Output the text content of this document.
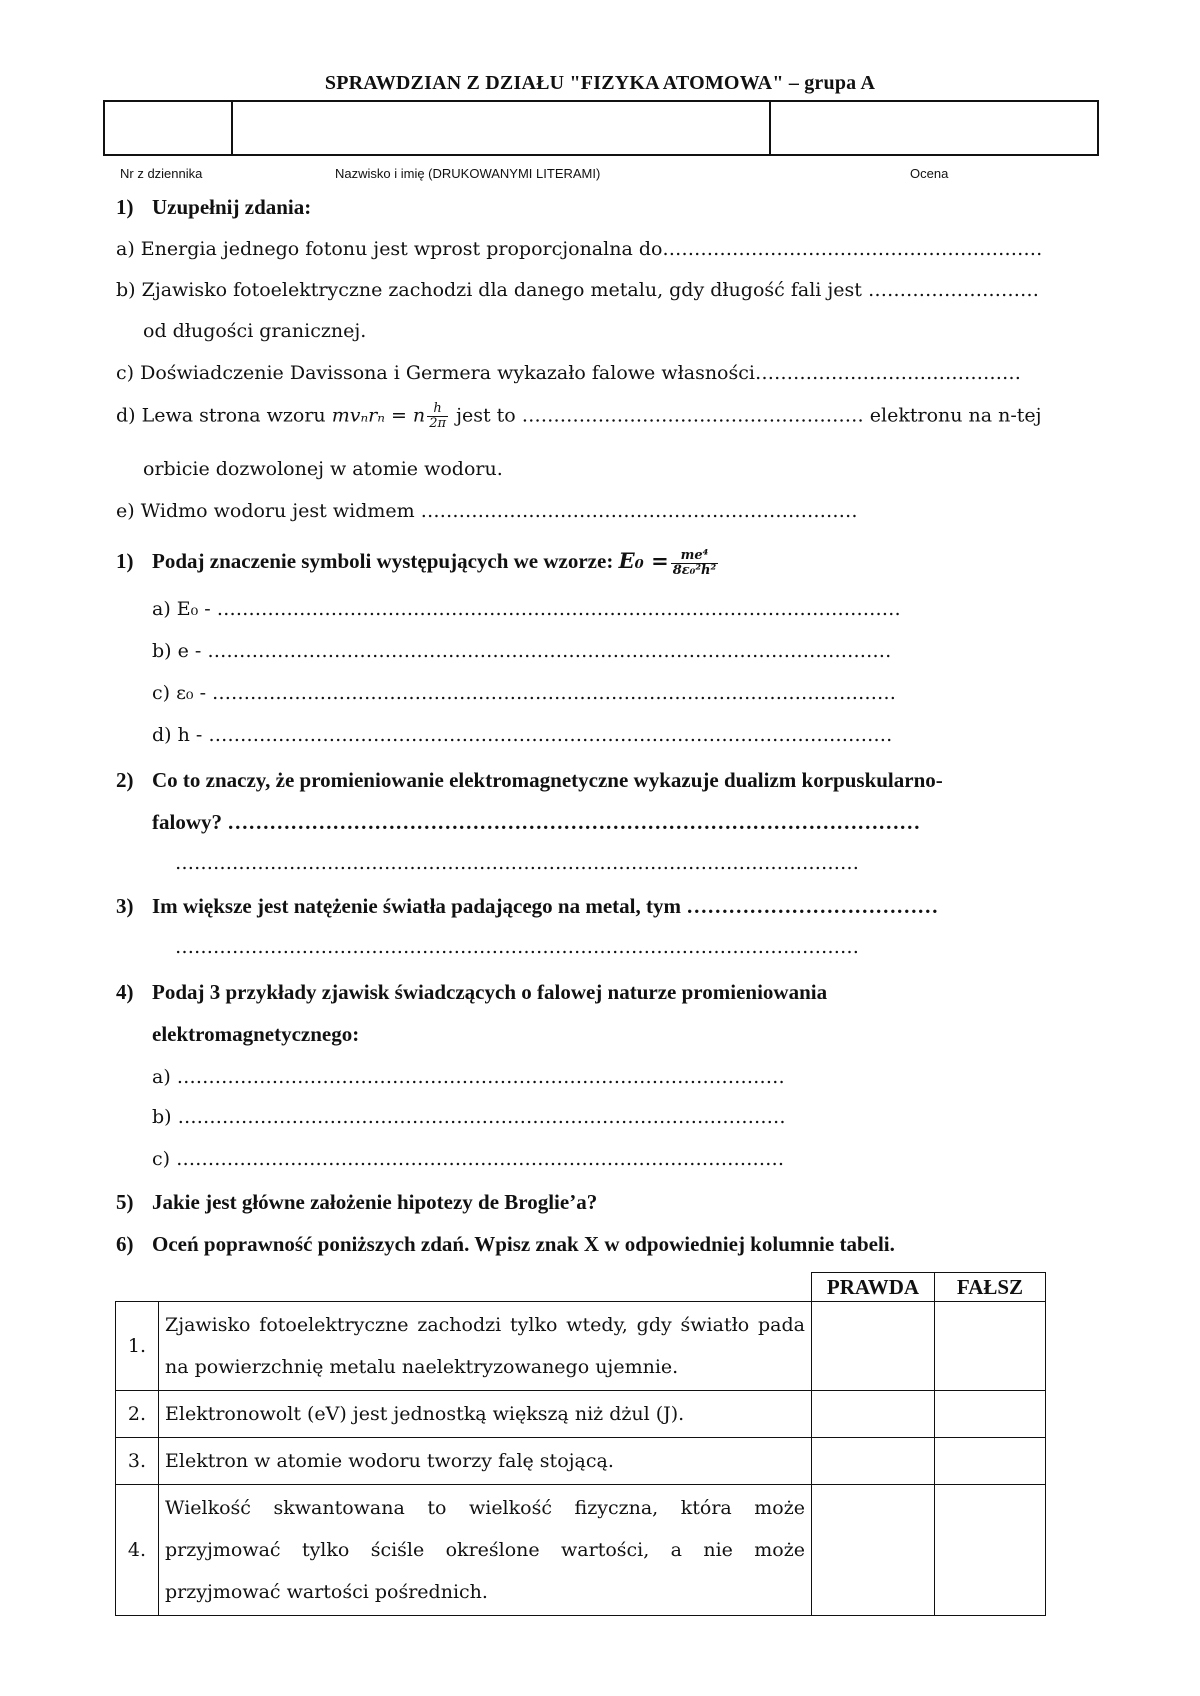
SPRAWDZIAN Z DZIAŁU "FIZYKA ATOMOWA" – grupa A
Nr z dziennika	Nazwisko i imię (DRUKOWANYMI LITERAMI)	Ocena
1) Uzupełnij zdania:
a) Energia jednego fotonu jest wprost proporcjonalna do……………………………………………………
b) Zjawisko fotoelektryczne zachodzi dla danego metalu, gdy długość fali jest ………………………
od długości granicznej.
c) Doświadczenie Davissona i Germera wykazało falowe własności……………………………………
d) Lewa strona wzoru mvₙrₙ = n $\frac{h}{2\pi}$ jest to ……………………………………………… elektronu na n-tej
orbicie dozwolonej w atomie wodoru.
e) Widmo wodoru jest widmem ……………………………………………………………
1) Podaj znaczenie symboli występujących we wzorze: $E_0 = \frac{\text{me⁴}}{\text{8ε₀²h²}}$
a) E₀ - ………………………………………………………………………………………………
b) e - ………………………………………………………………………………………………
c) ε₀ - ………………………………………………………………………………………………
d) h - ………………………………………………………………………………………………
2) Co to znaczy, że promieniowanie elektromagnetyczne wykazuje dualizm korpuskularno-
falowy? ………………………………………………………………………………………
………………………………………………………………………………………………
3) Im większe jest natężenie światła padającego na metal, tym ………………………………
………………………………………………………………………………………………
4) Podaj 3 przykłady zjawisk świadczących o falowej naturze promieniowania
elektromagnetycznego:
a) ……………………………………………………………………………………
b) ……………………………………………………………………………………
c) ……………………………………………………………………………………
5) Jakie jest główne założenie hipotezy de Broglie’a?
6) Oceń poprawność poniższych zdań. Wpisz znak X w odpowiedniej kolumnie tabeli.
		PRAWDA	FAŁSZ
1.	Zjawisko fotoelektryczne zachodzi tylko wtedy, gdy światło pada na powierzchnię metalu naelektryzowanego ujemnie.		
2.	Elektronowolt (eV) jest jednostką większą niż dżul (J).		
3.	Elektron w atomie wodoru tworzy falę stojącą.		
4.	Wielkość skwantowana to wielkość fizyczna, która może przyjmować tylko ściśle określone wartości, a nie może przyjmować wartości pośrednich.		
